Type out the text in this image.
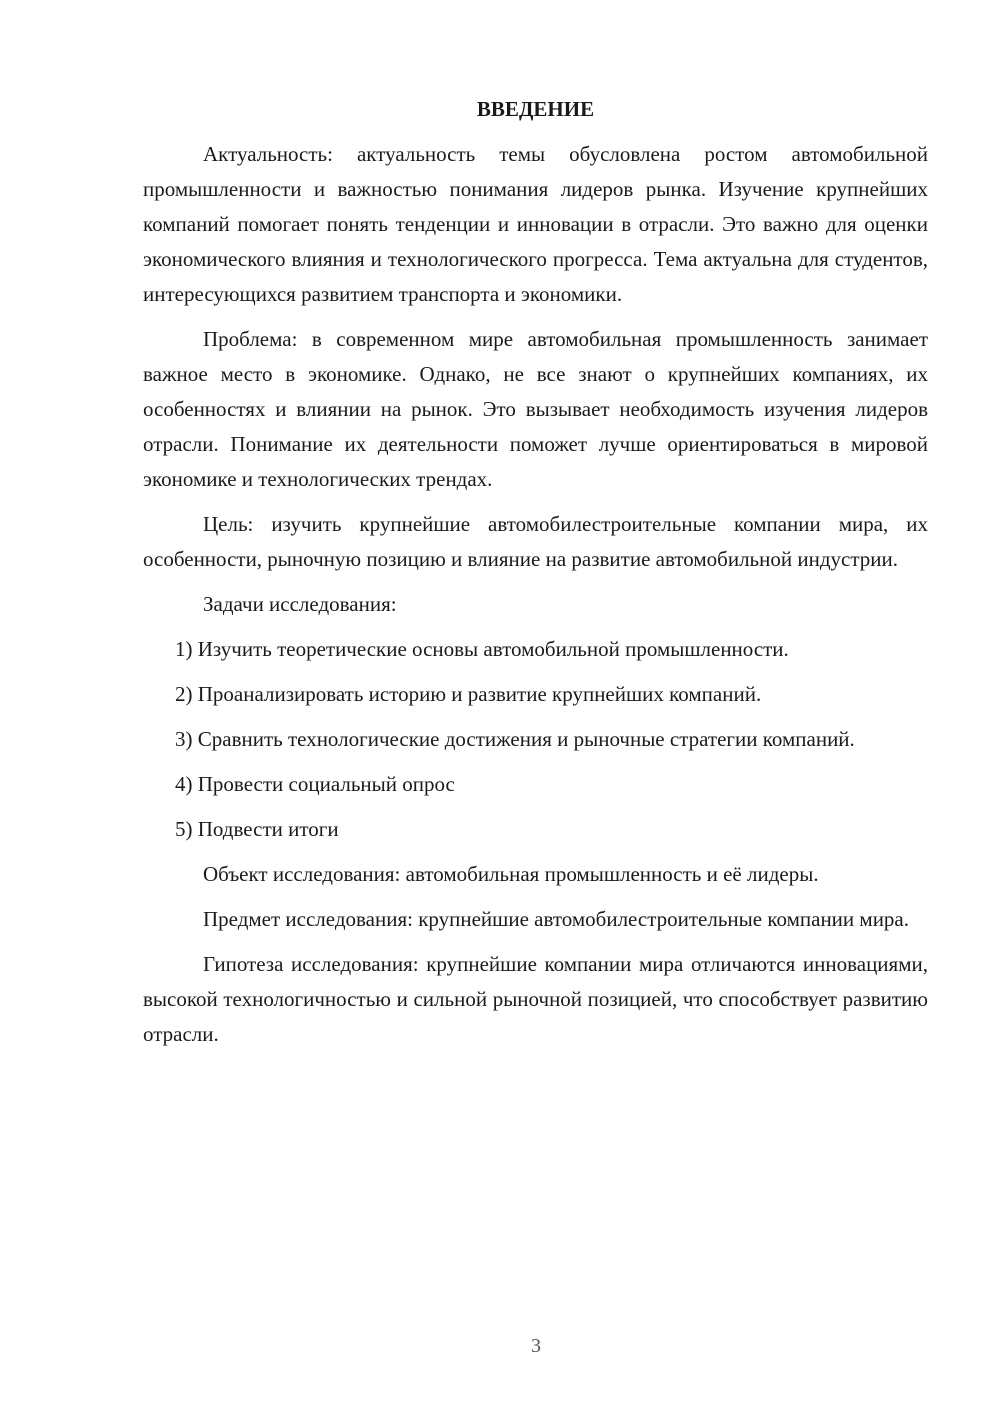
ВВЕДЕНИЕ

Актуальность: актуальность темы обусловлена ростом автомобильной промышленности и важностью понимания лидеров рынка. Изучение крупнейших компаний помогает понять тенденции и инновации в отрасли. Это важно для оценки экономического влияния и технологического прогресса. Тема актуальна для студентов, интересующихся развитием транспорта и экономики.

Проблема: в современном мире автомобильная промышленность занимает важное место в экономике. Однако, не все знают о крупнейших компаниях, их особенностях и влиянии на рынок. Это вызывает необходимость изучения лидеров отрасли. Понимание их деятельности поможет лучше ориентироваться в мировой экономике и технологических трендах.

Цель: изучить крупнейшие автомобилестроительные компании мира, их особенности, рыночную позицию и влияние на развитие автомобильной индустрии.

Задачи исследования:

1) Изучить теоретические основы автомобильной промышленности.

2) Проанализировать историю и развитие крупнейших компаний.

3) Сравнить технологические достижения и рыночные стратегии компаний.

4) Провести социальный опрос

5) Подвести итоги

Объект исследования: автомобильная промышленность и её лидеры.

Предмет исследования: крупнейшие автомобилестроительные компании мира.

Гипотеза исследования: крупнейшие компании мира отличаются инновациями, высокой технологичностью и сильной рыночной позицией, что способствует развитию отрасли.

3
